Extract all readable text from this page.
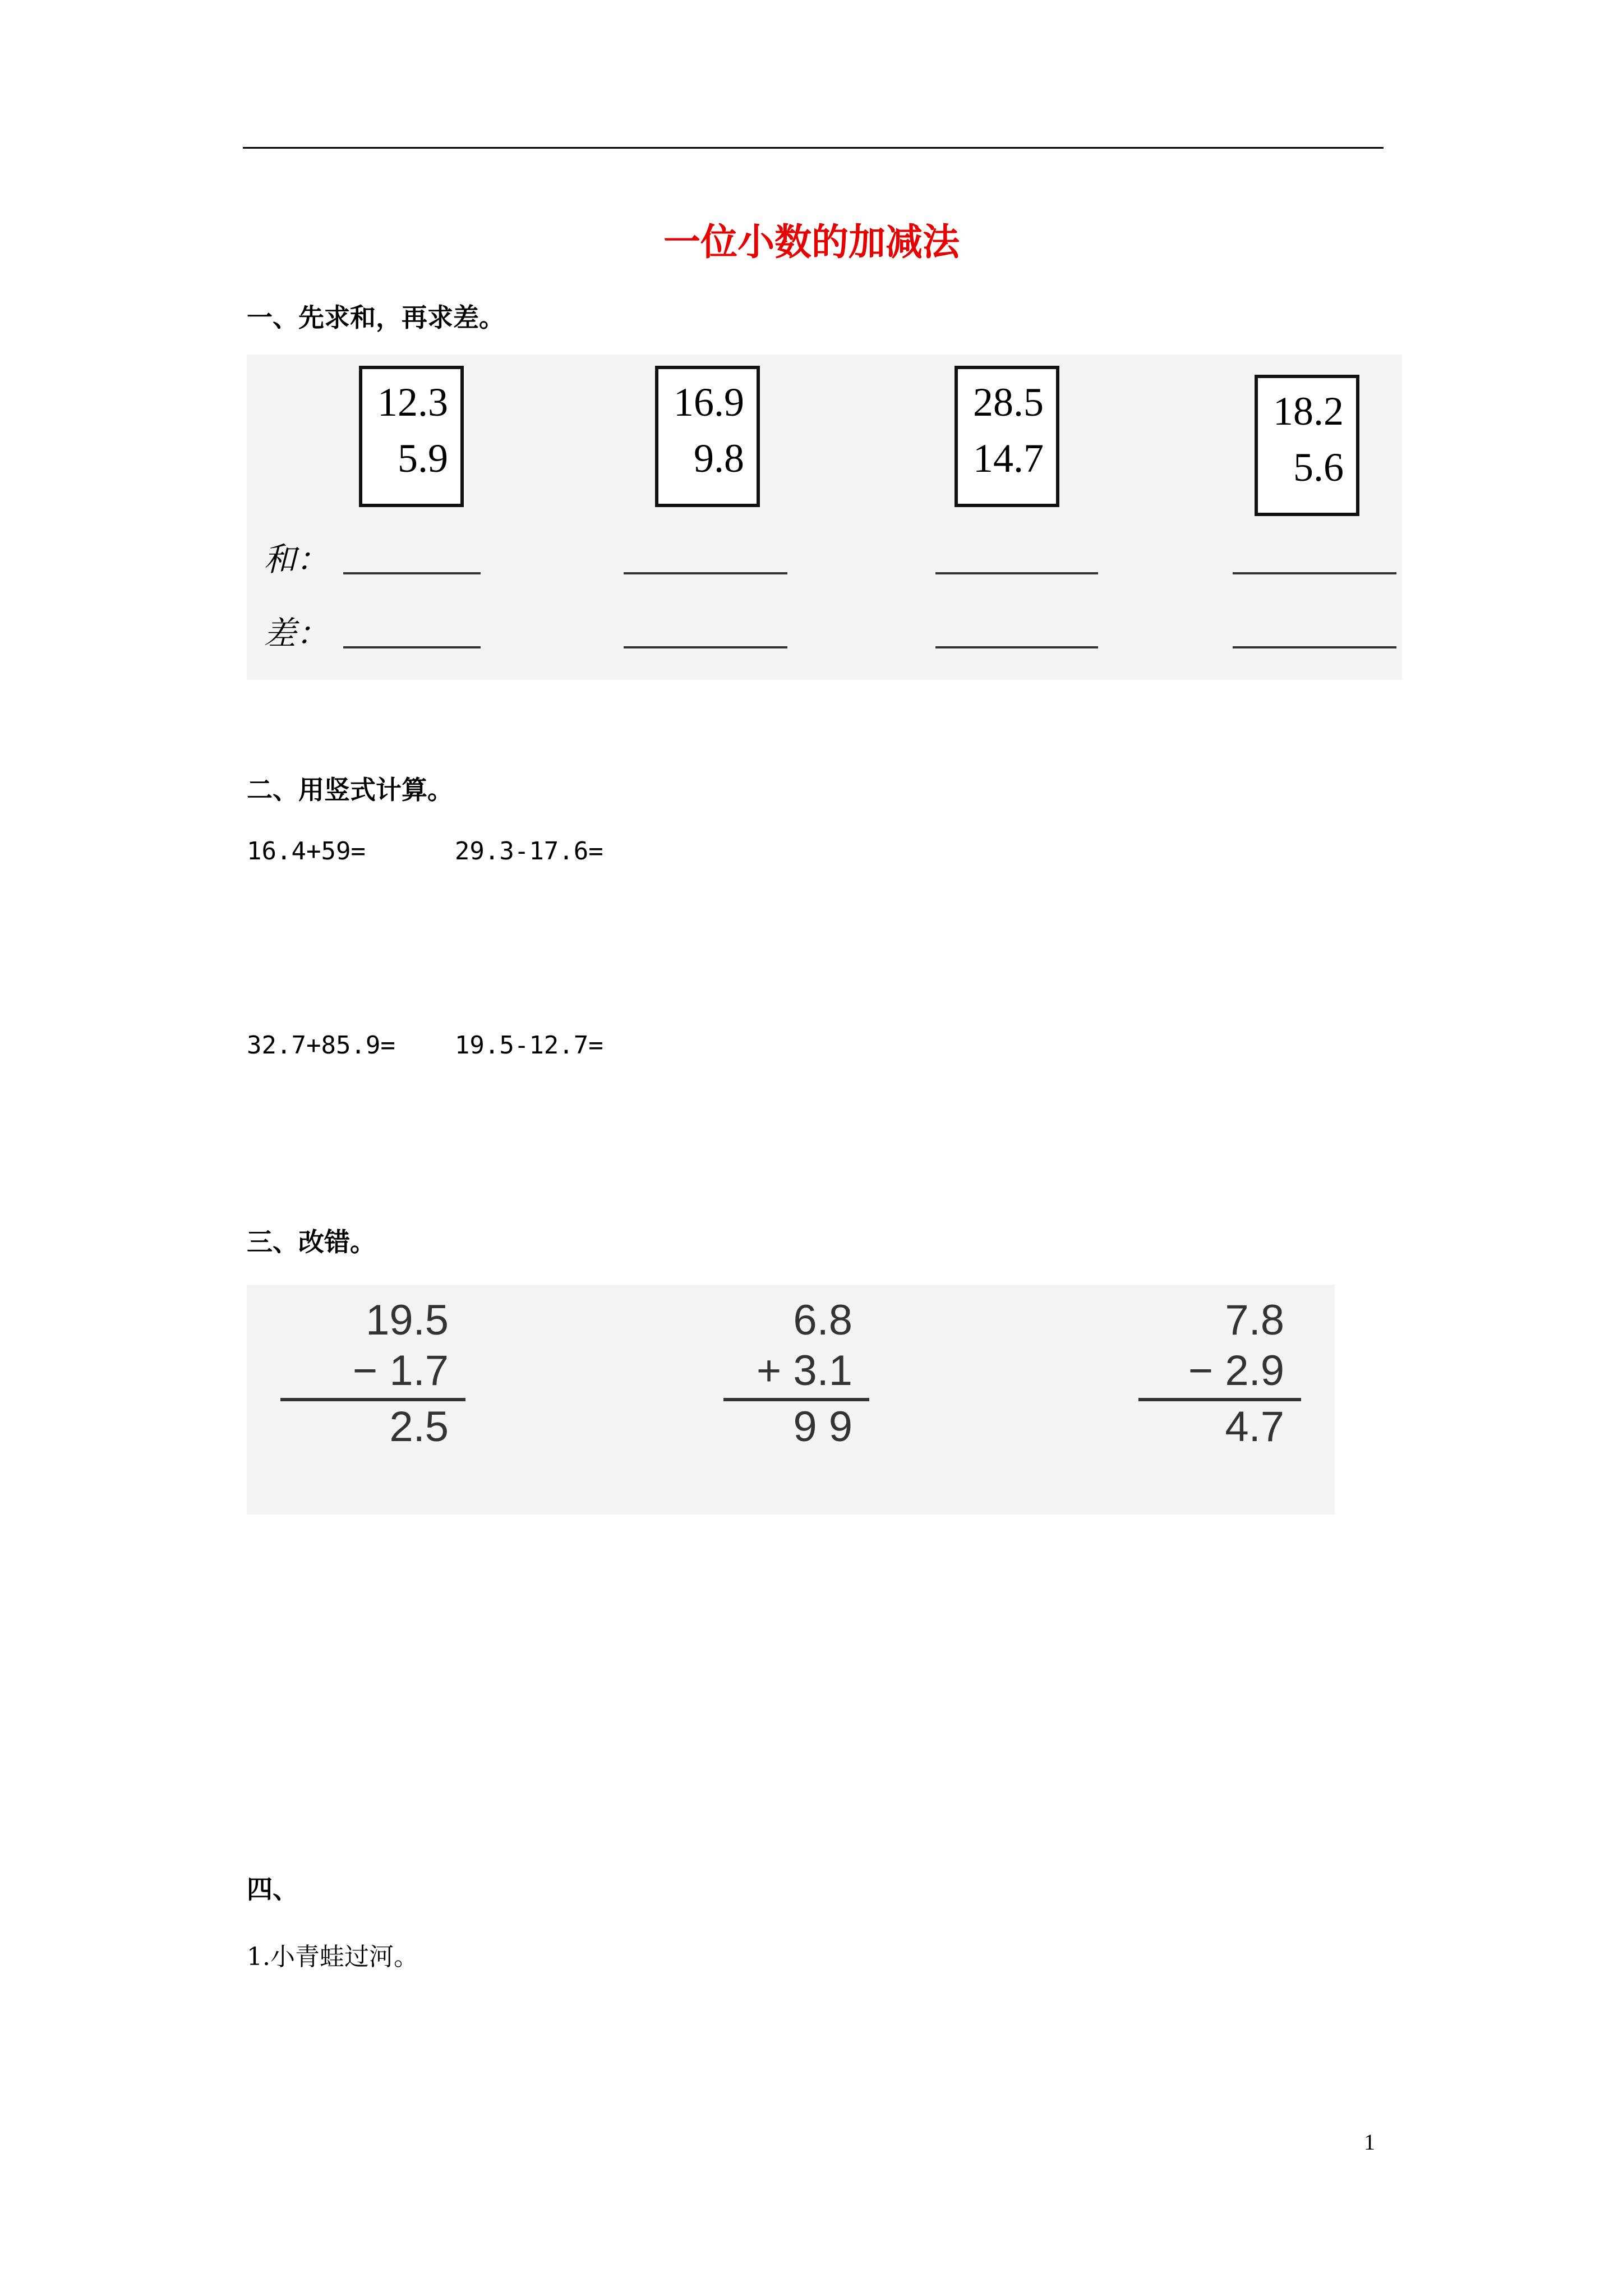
一位小数的加减法
一、先求和，再求差。
12.3
5.9
16.9
9.8
28.5
14.7
18.2
5.6
和：
差：
二、用竖式计算。
16.4+59=      29.3-17.6=
32.7+85.9=    19.5-12.7=
三、改错。
19.5
− 1.7
2.5
6.8
+ 3.1
9 9
7.8
− 2.9
4.7
四、
1.小青蛙过河。
1
